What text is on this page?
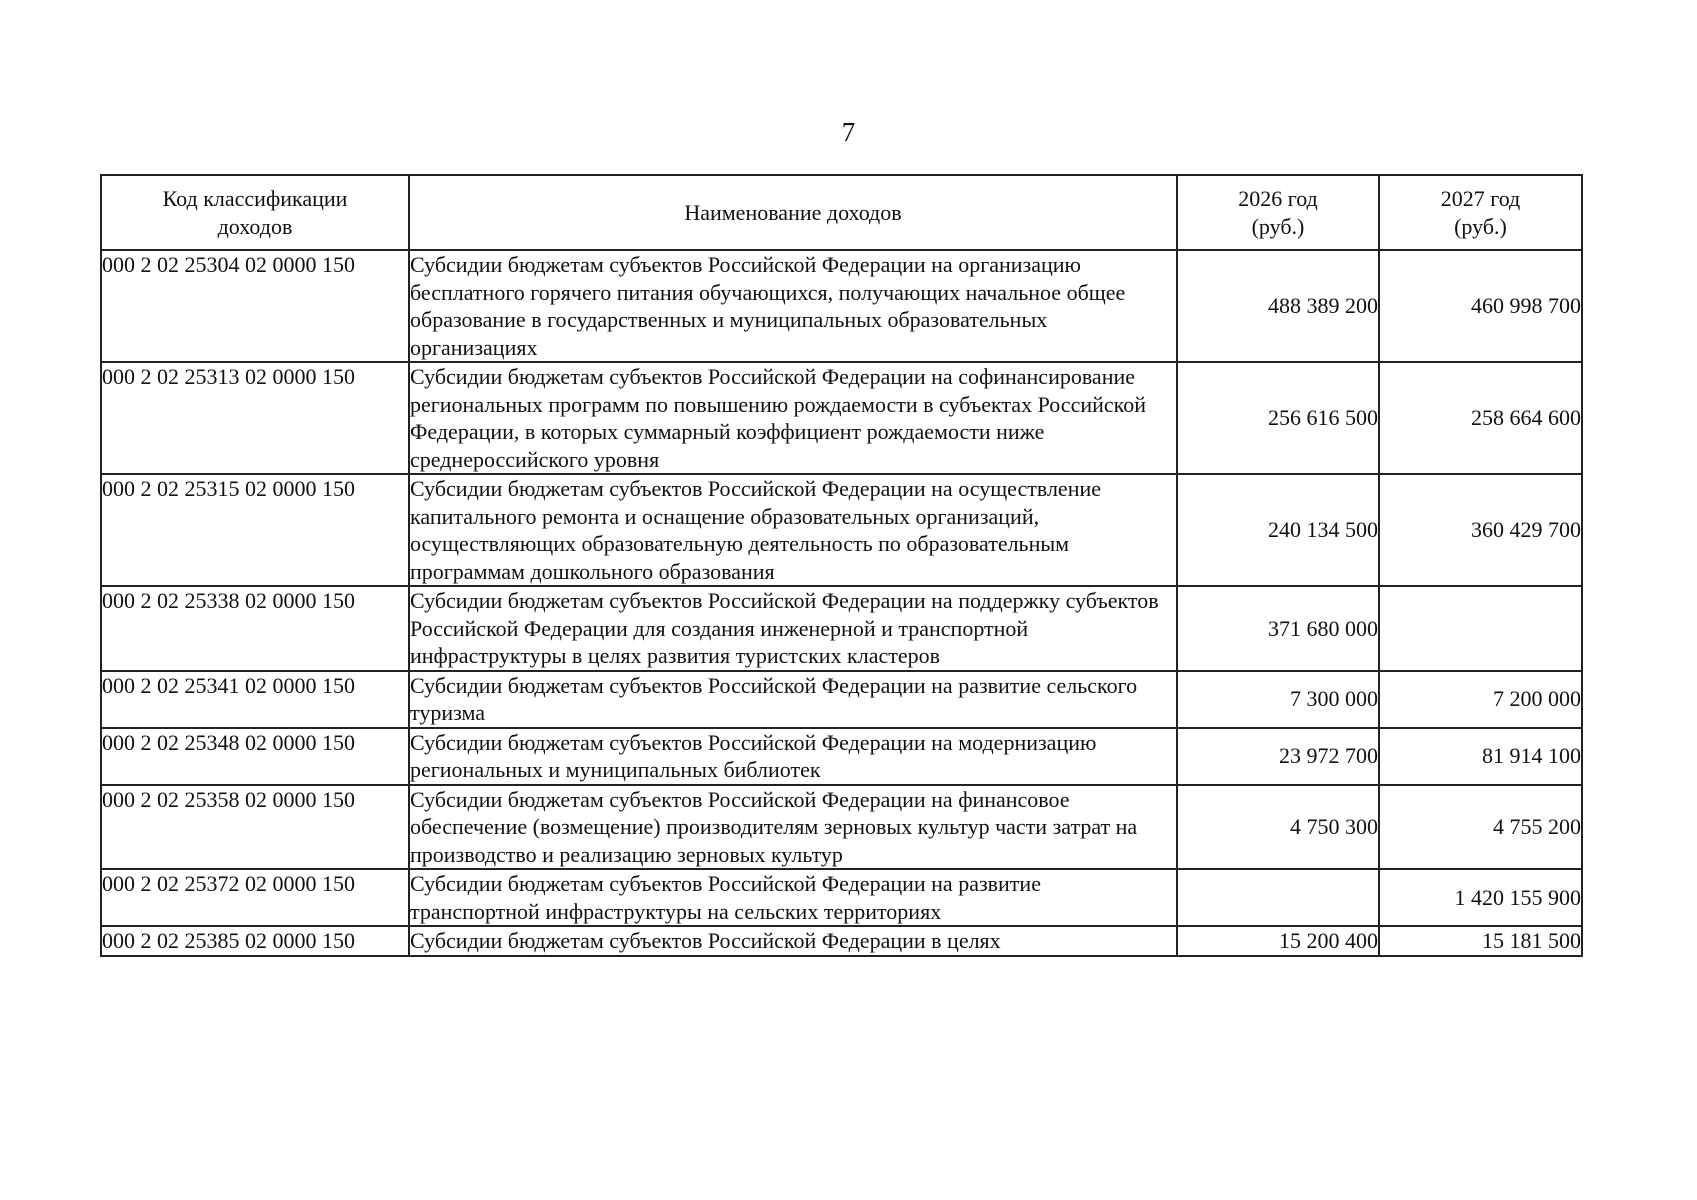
7
Код классификации доходов	Наименование доходов	2026 год (руб.)	2027 год (руб.)
000 2 02 25304 02 0000 150	Субсидии бюджетам субъектов Российской Федерации на организацию бесплатного горячего питания обучающихся, получающих начальное общее образование в государственных и муниципальных образовательных организациях	488 389 200	460 998 700
000 2 02 25313 02 0000 150	Субсидии бюджетам субъектов Российской Федерации на софинансирование региональных программ по повышению рождаемости в субъектах Российской Федерации, в которых суммарный коэффициент рождаемости ниже среднероссийского уровня	256 616 500	258 664 600
000 2 02 25315 02 0000 150	Субсидии бюджетам субъектов Российской Федерации на осуществление капитального ремонта и оснащение образовательных организаций, осуществляющих образовательную деятельность по образовательным программам дошкольного образования	240 134 500	360 429 700
000 2 02 25338 02 0000 150	Субсидии бюджетам субъектов Российской Федерации на поддержку субъектов Российской Федерации для создания инженерной и транспортной инфраструктуры в целях развития туристских кластеров	371 680 000	
000 2 02 25341 02 0000 150	Субсидии бюджетам субъектов Российской Федерации на развитие сельского туризма	7 300 000	7 200 000
000 2 02 25348 02 0000 150	Субсидии бюджетам субъектов Российской Федерации на модернизацию региональных и муниципальных библиотек	23 972 700	81 914 100
000 2 02 25358 02 0000 150	Субсидии бюджетам субъектов Российской Федерации на финансовое обеспечение (возмещение) производителям зерновых культур части затрат на производство и реализацию зерновых культур	4 750 300	4 755 200
000 2 02 25372 02 0000 150	Субсидии бюджетам субъектов Российской Федерации на развитие транспортной инфраструктуры на сельских территориях		1 420 155 900
000 2 02 25385 02 0000 150	Субсидии бюджетам субъектов Российской Федерации в целях	15 200 400	15 181 500
